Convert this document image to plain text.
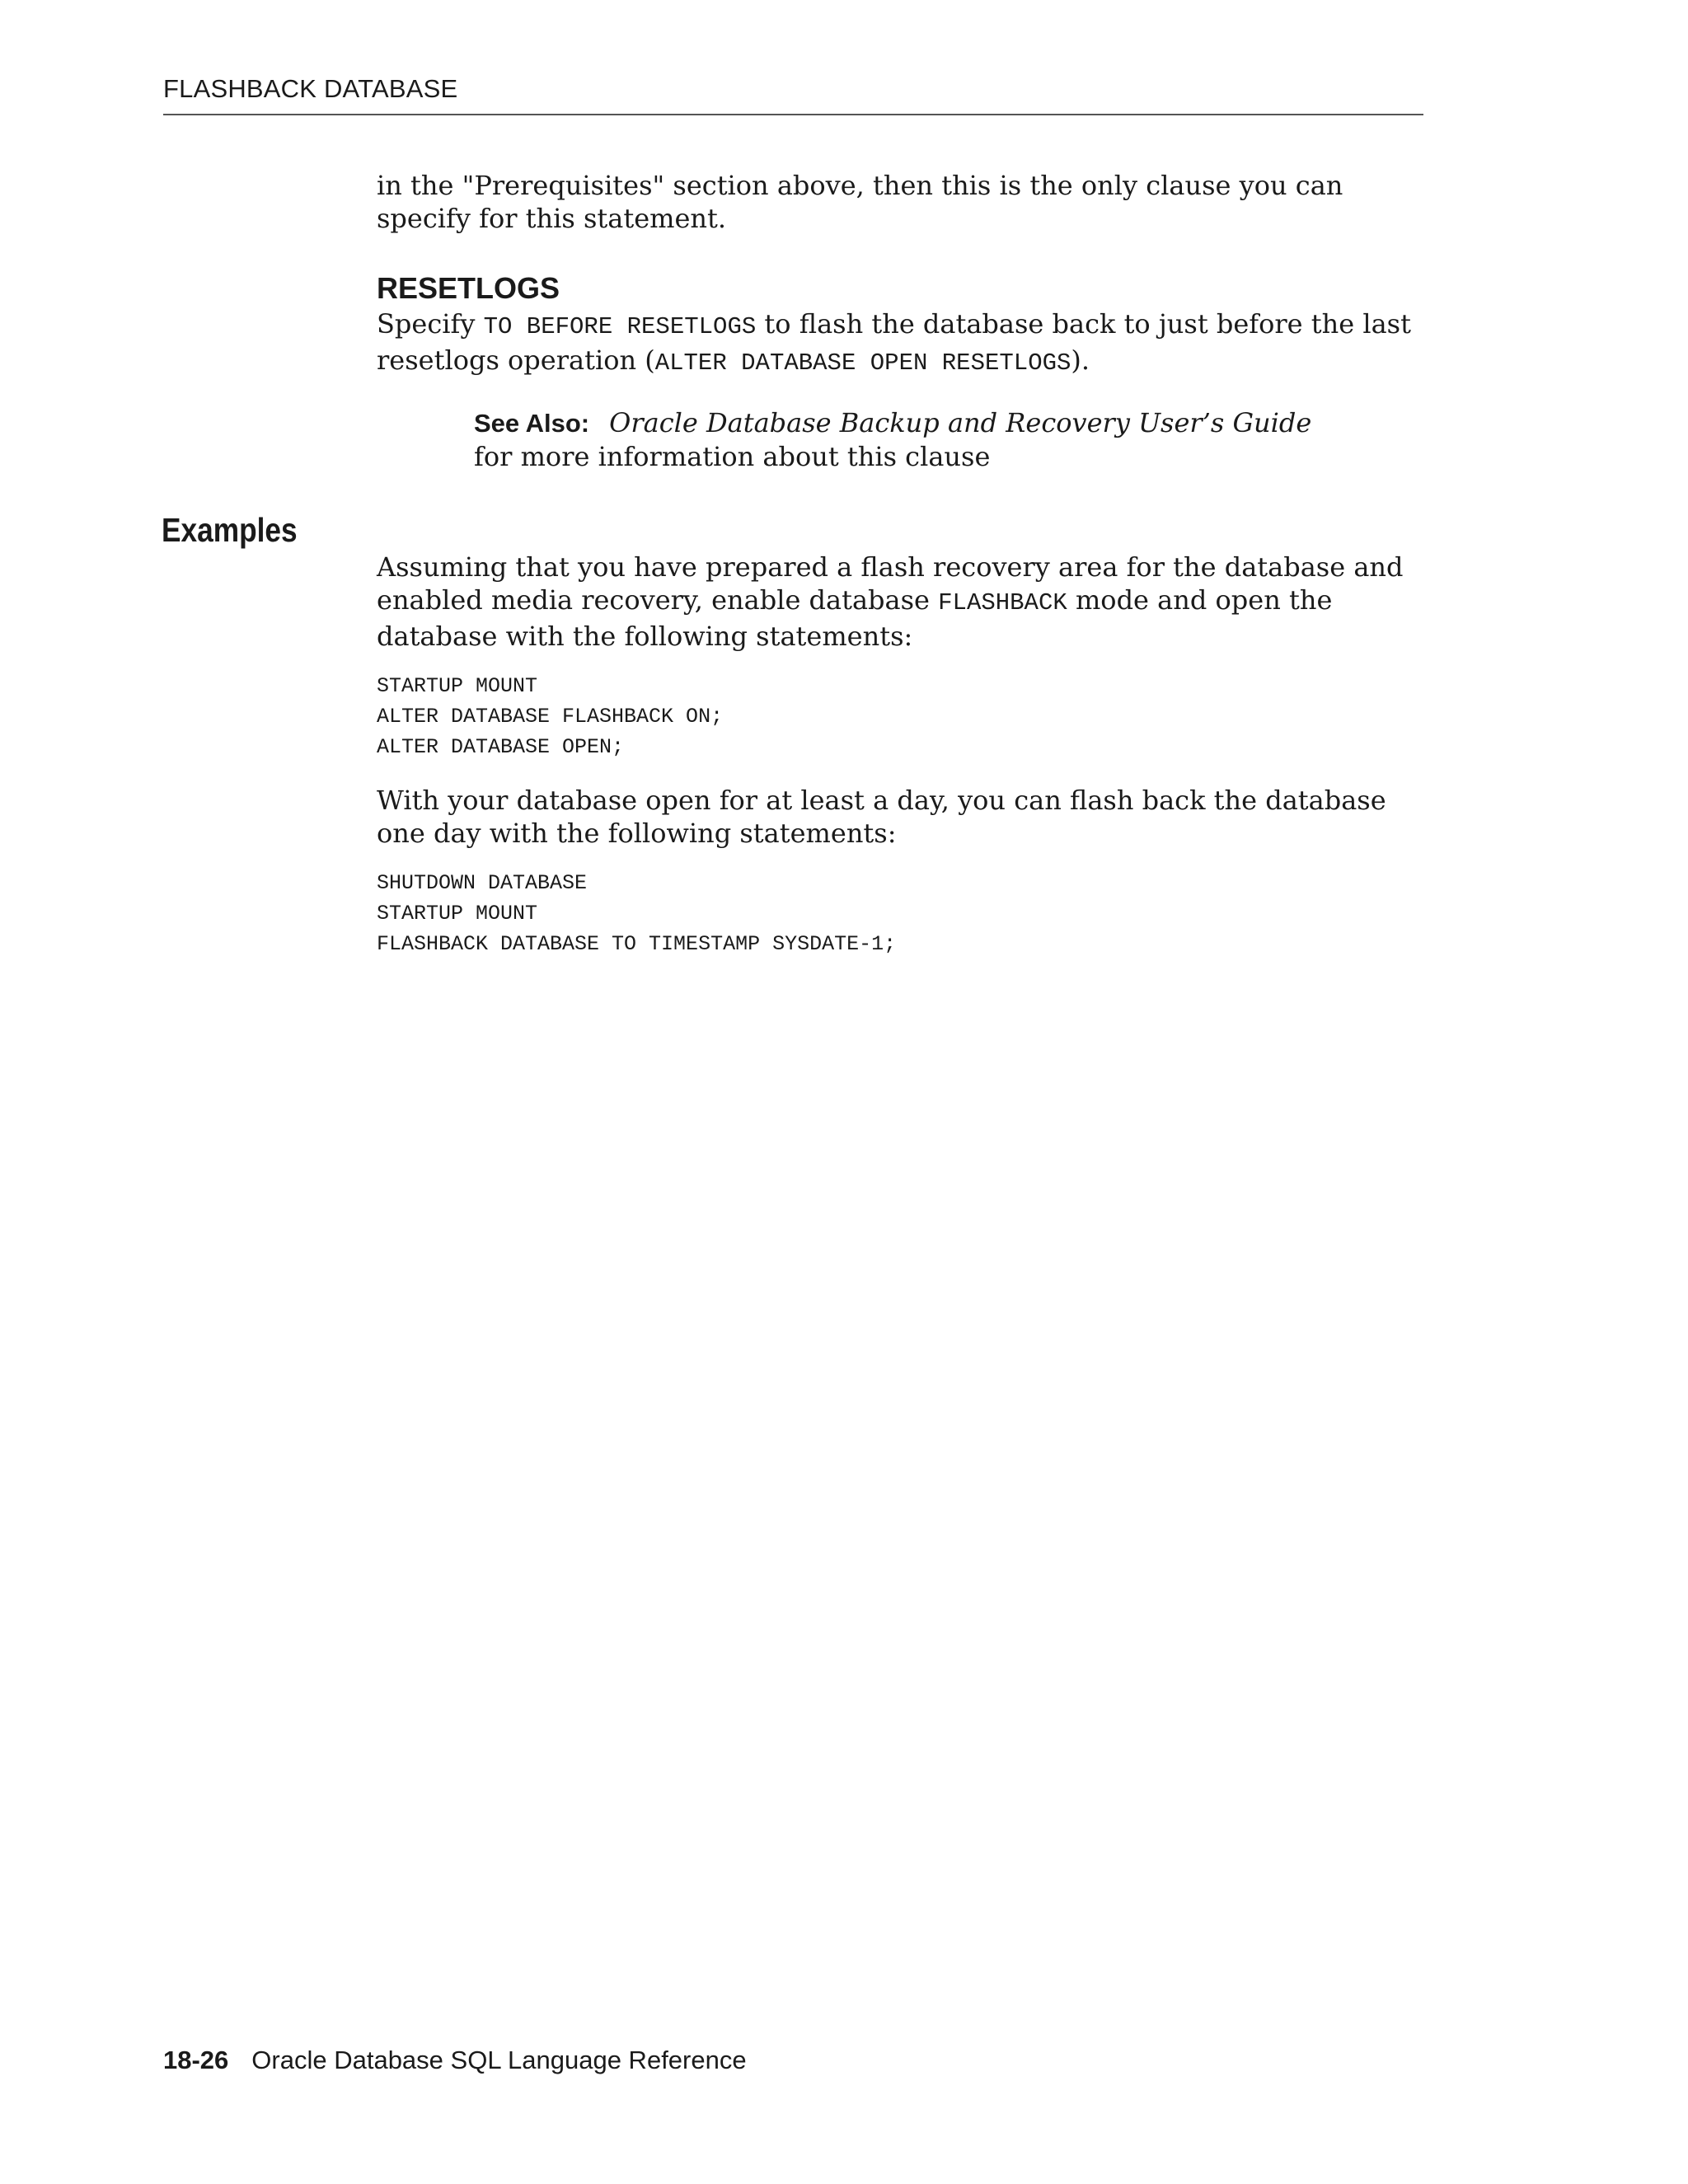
FLASHBACK DATABASE

in the "Prerequisites" section above, then this is the only clause you can specify for this statement.

RESETLOGS

Specify TO BEFORE RESETLOGS to flash the database back to just before the last resetlogs operation (ALTER DATABASE OPEN RESETLOGS).

See Also: Oracle Database Backup and Recovery User’s Guide for more information about this clause

Assuming that you have prepared a flash recovery area for the database and enabled media recovery, enable database FLASHBACK mode and open the database with the following statements:

STARTUP MOUNT
ALTER DATABASE FLASHBACK ON;
ALTER DATABASE OPEN;

With your database open for at least a day, you can flash back the database one day with the following statements:

SHUTDOWN DATABASE
STARTUP MOUNT
FLASHBACK DATABASE TO TIMESTAMP SYSDATE-1;
Examples
18-26 Oracle Database SQL Language Reference
